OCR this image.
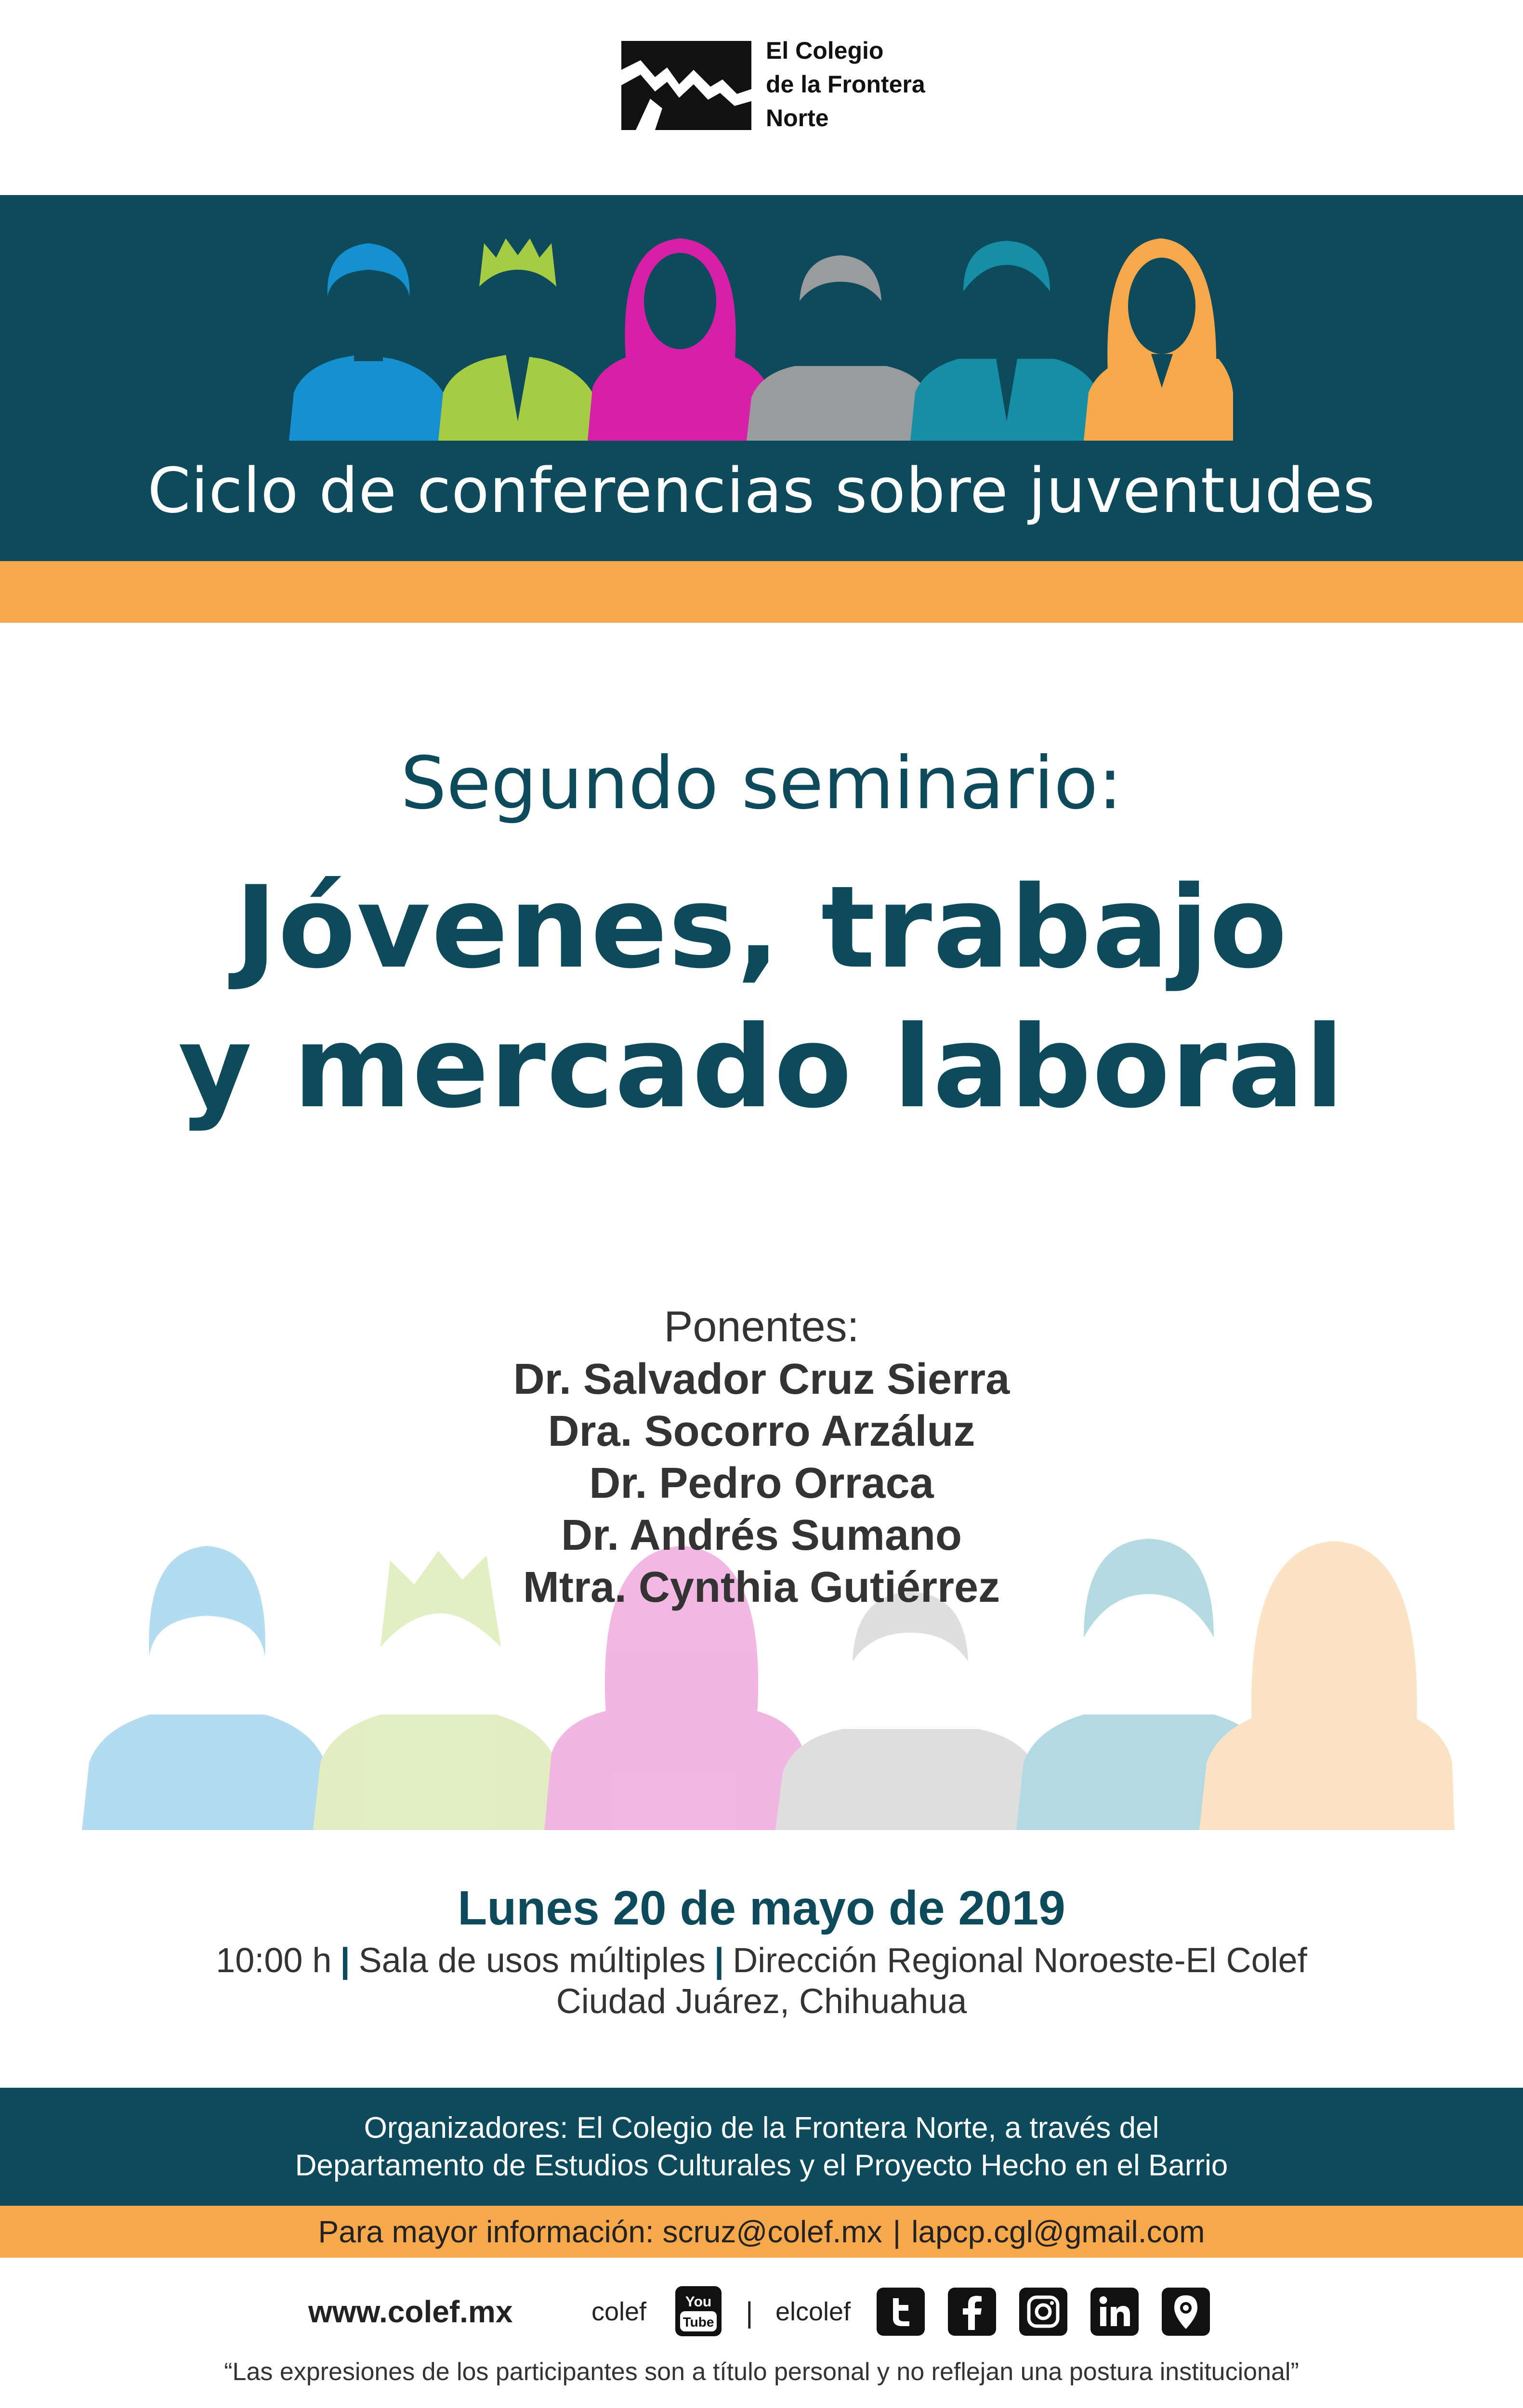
El Colegio
de la Frontera
Norte
Ciclo de conferencias sobre juventudes
Segundo seminario:
Jóvenes, trabajo
y mercado laboral
Ponentes:
Dr. Salvador Cruz Sierra
Dra. Socorro Arzáluz
Dr. Pedro Orraca
Dr. Andrés Sumano
Mtra. Cynthia Gutiérrez
Lunes 20 de mayo de 2019
10:00 h | Sala de usos múltiples | Dirección Regional Noroeste-El Colef
Ciudad Juárez, Chihuahua
Organizadores: El Colegio de la Frontera Norte, a través del
Departamento de Estudios Culturales y el Proyecto Hecho en el Barrio
Para mayor información: scruz@colef.mx | lapcp.cgl@gmail.com
www.colef.mx	colef	You
Tube | elcolef
“Las expresiones de los participantes son a título personal y no reflejan una postura institucional”
